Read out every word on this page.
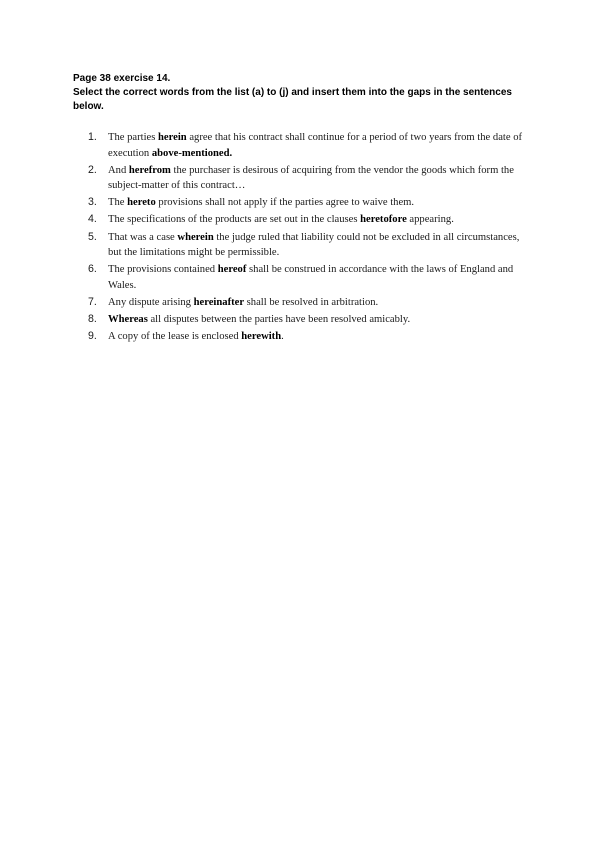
Page 38 exercise 14.
Select the correct words from the list (a) to (j) and insert them into the gaps in the sentences below.
1.	The parties herein agree that his contract shall continue for a period of two years from the date of execution above-mentioned.
2.	And herefrom the purchaser is desirous of acquiring from the vendor the goods which form the subject-matter of this contract…
3.	The hereto provisions shall not apply if the parties agree to waive them.
4.	The specifications of the products are set out in the clauses heretofore appearing.
5.	That was a case wherein the judge ruled that liability could not be excluded in all circumstances, but the limitations might be permissible.
6.	The provisions contained hereof shall be construed in accordance with the laws of England and Wales.
7.	Any dispute arising hereinafter shall be resolved in arbitration.
8.	Whereas all disputes between the parties have been resolved amicably.
9.	A copy of the lease is enclosed herewith.
